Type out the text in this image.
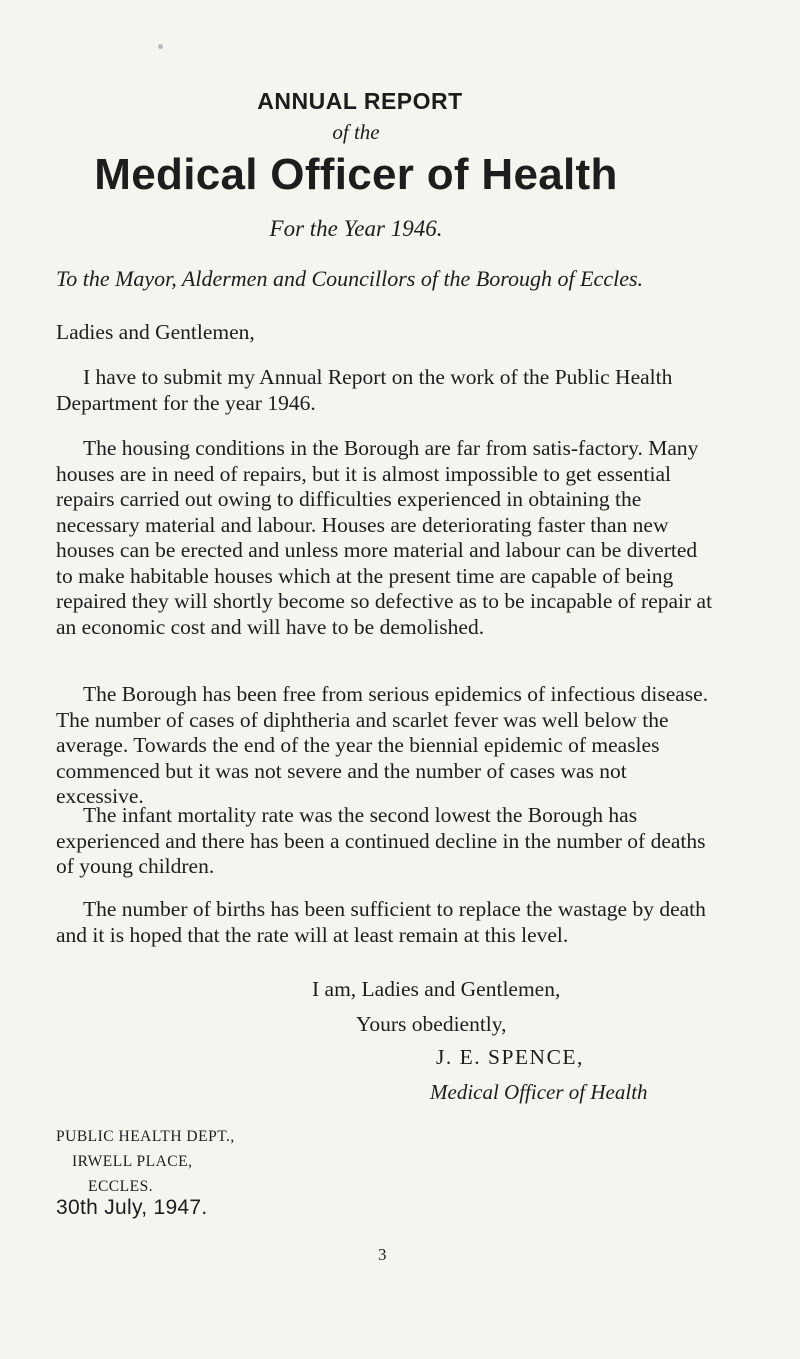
ANNUAL REPORT
of the
Medical Officer of Health
For the Year 1946.
To the Mayor, Aldermen and Councillors of the Borough of Eccles.
Ladies and Gentlemen,

I have to submit my Annual Report on the work of the Public Health Department for the year 1946.

The housing conditions in the Borough are far from satis-factory. Many houses are in need of repairs, but it is almost impossible to get essential repairs carried out owing to difficulties experienced in obtaining the necessary material and labour. Houses are deteriorating faster than new houses can be erected and unless more material and labour can be diverted to make habitable houses which at the present time are capable of being repaired they will shortly become so defective as to be incapable of repair at an economic cost and will have to be demolished.

The Borough has been free from serious epidemics of infectious disease. The number of cases of diphtheria and scarlet fever was well below the average. Towards the end of the year the biennial epidemic of measles commenced but it was not severe and the number of cases was not excessive.

The infant mortality rate was the second lowest the Borough has experienced and there has been a continued decline in the number of deaths of young children.

The number of births has been sufficient to replace the wastage by death and it is hoped that the rate will at least remain at this level.

I am, Ladies and Gentlemen,
Yours obediently,
J. E. SPENCE,
Medical Officer of Health
PUBLIC HEALTH DEPT.,
IRWELL PLACE,
ECCLES.
30th July, 1947.
3
